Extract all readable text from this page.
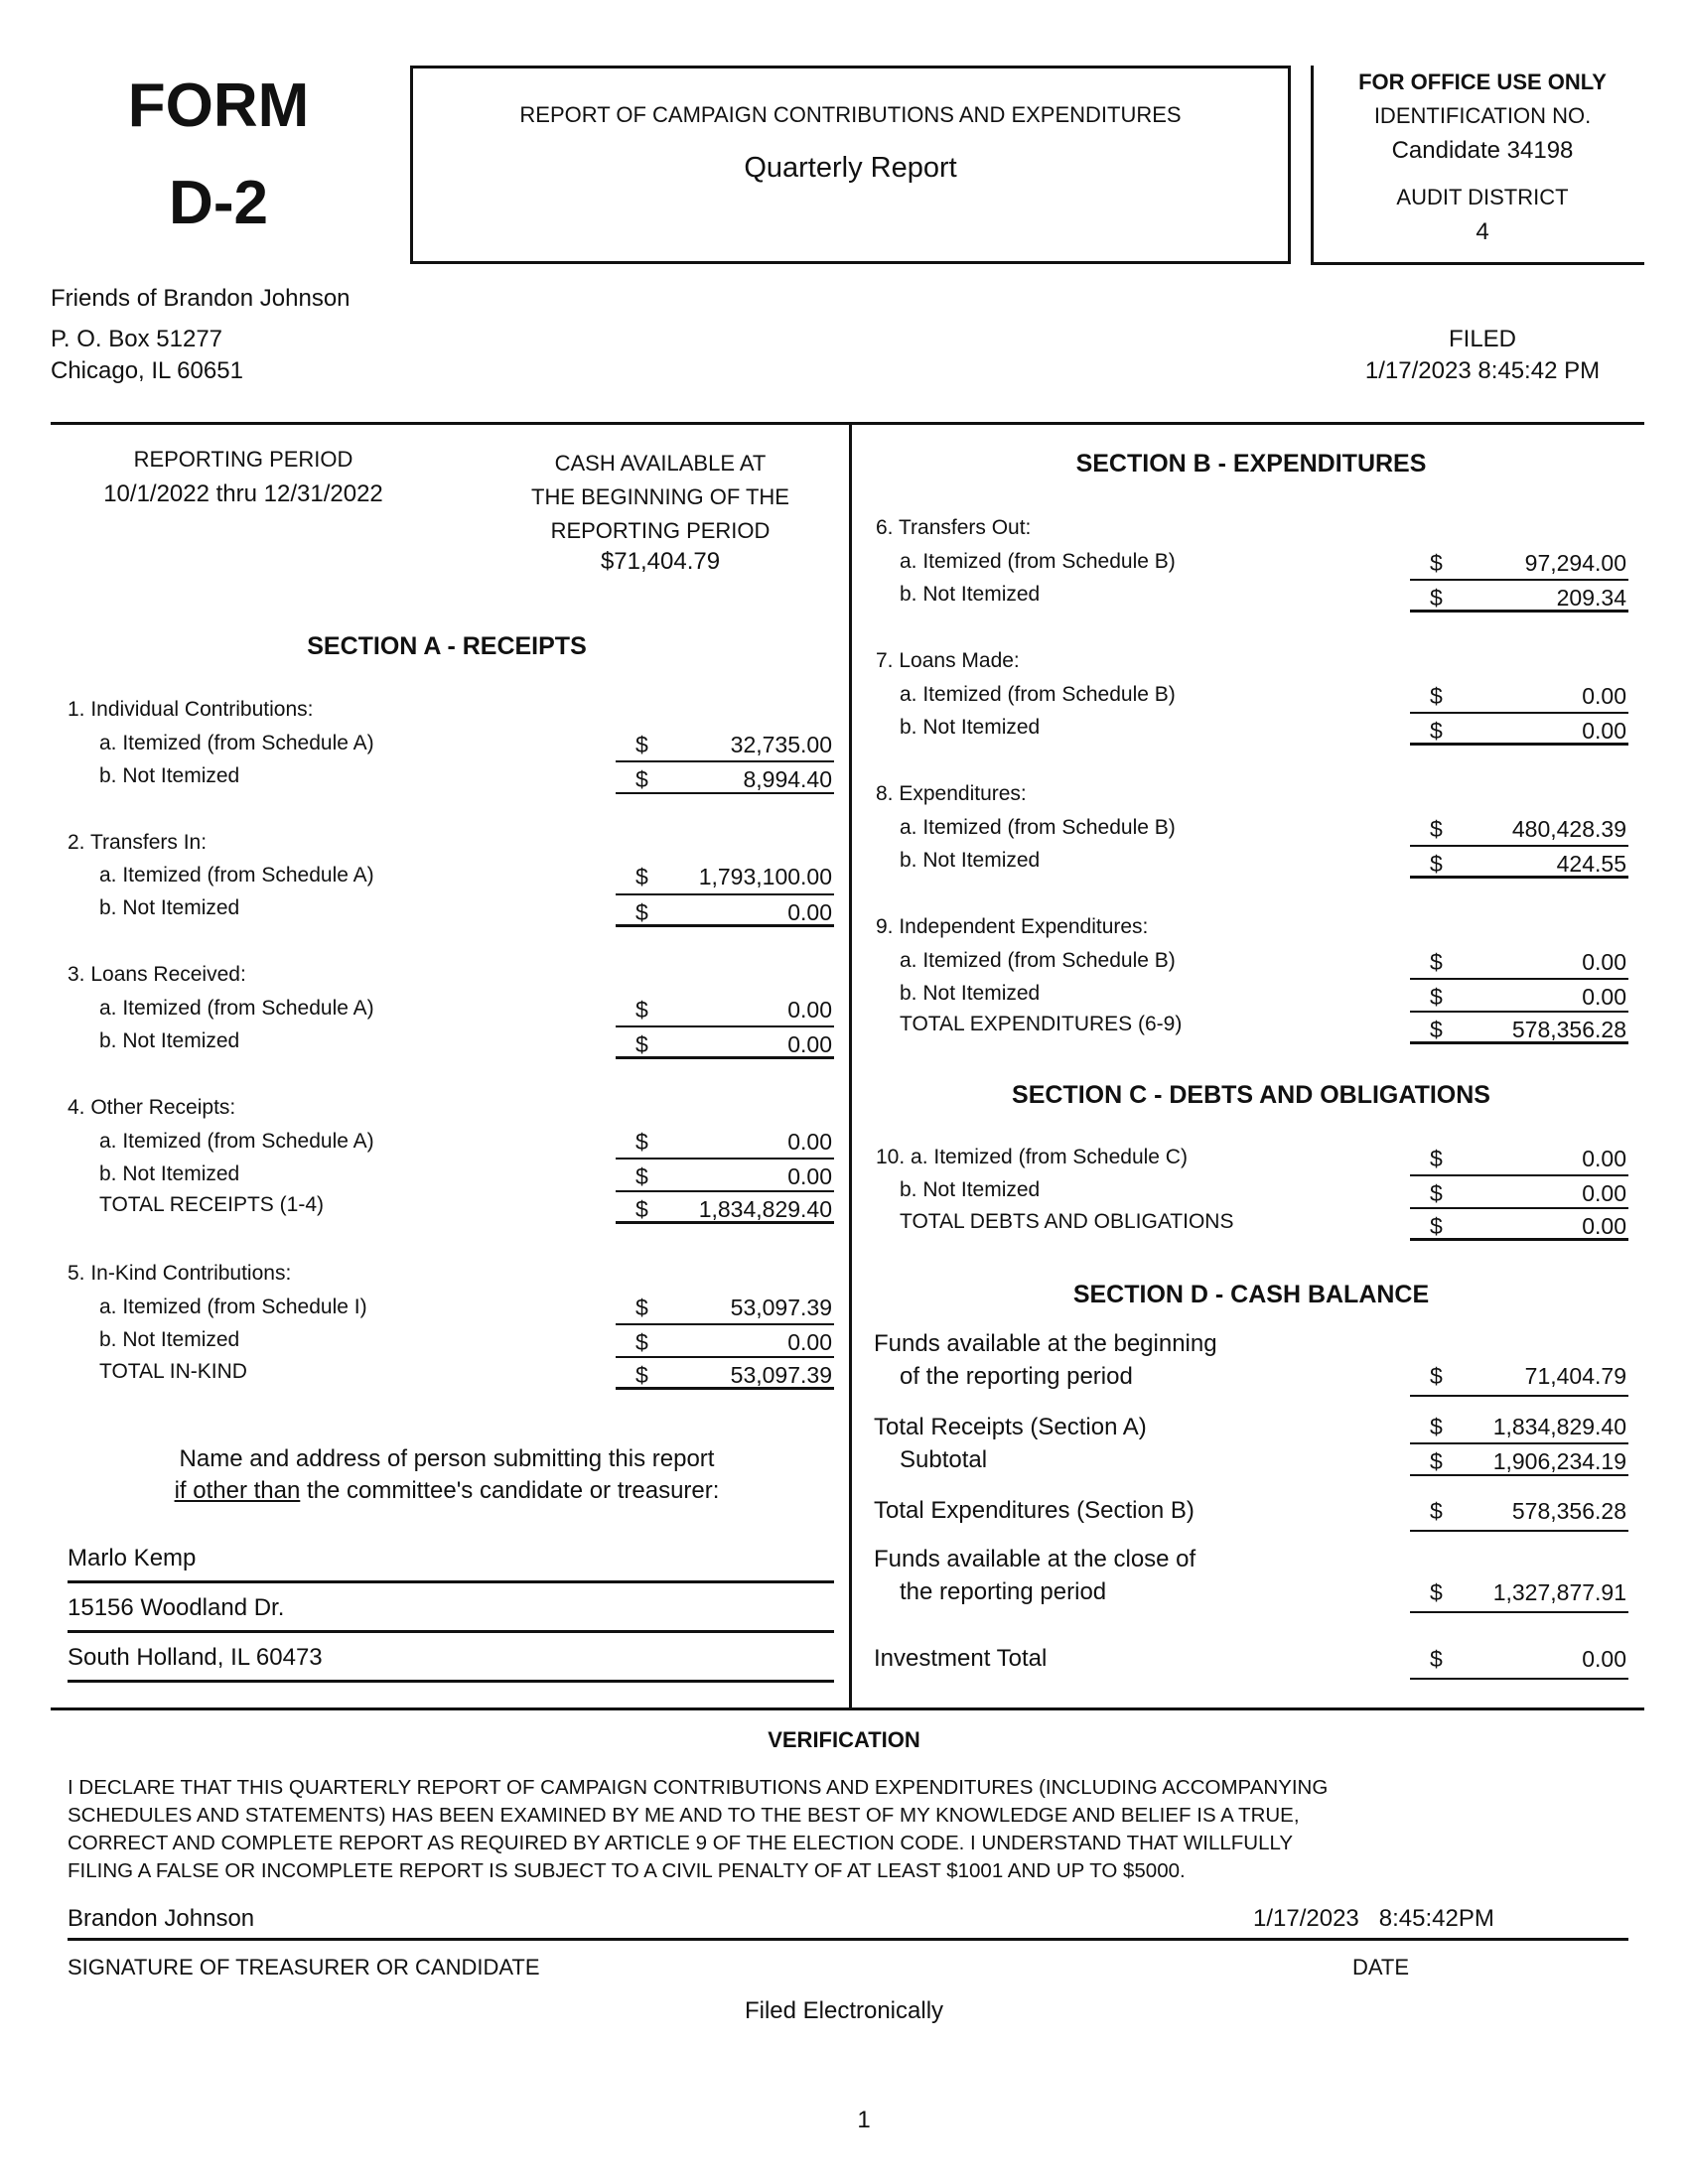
FORM
D-2
REPORT OF CAMPAIGN CONTRIBUTIONS AND EXPENDITURES
Quarterly Report
FOR OFFICE USE ONLY
IDENTIFICATION NO.
Candidate 34198
AUDIT DISTRICT
4
Friends of Brandon Johnson
P. O. Box 51277
Chicago, IL 60651
FILED
1/17/2023 8:45:42 PM
REPORTING PERIOD
10/1/2022 thru 12/31/2022
CASH AVAILABLE AT
THE BEGINNING OF THE
REPORTING PERIOD
$71,404.79
SECTION A - RECEIPTS
1. Individual Contributions:
a. Itemized (from Schedule A)	$	32,735.00
b. Not Itemized	$	8,994.40
2. Transfers In:
a. Itemized (from Schedule A)	$ 1,793,100.00
b. Not Itemized	$	0.00
3. Loans Received:
a. Itemized (from Schedule A)	$	0.00
b. Not Itemized	$	0.00
4. Other Receipts:
a. Itemized (from Schedule A)	$	0.00
b. Not Itemized	$	0.00
TOTAL RECEIPTS (1-4)	$ 1,834,829.40
5. In-Kind Contributions:
a. Itemized (from Schedule I)	$	53,097.39
b. Not Itemized	$	0.00
TOTAL IN-KIND	$	53,097.39
Name and address of person submitting this report
if other than the committee's candidate or treasurer:
Marlo Kemp
15156 Woodland Dr.
South Holland, IL 60473
SECTION B - EXPENDITURES
6. Transfers Out:
a. Itemized (from Schedule B)	$	97,294.00
b. Not Itemized	$	209.34
7. Loans Made:
a. Itemized (from Schedule B)	$	0.00
b. Not Itemized	$	0.00
8. Expenditures:
a. Itemized (from Schedule B)	$	480,428.39
b. Not Itemized	$	424.55
9. Independent Expenditures:
a. Itemized (from Schedule B)	$	0.00
b. Not Itemized	$	0.00
TOTAL EXPENDITURES (6-9)	$	578,356.28
SECTION C - DEBTS AND OBLIGATIONS
10. a. Itemized (from Schedule C)	$	0.00
b. Not Itemized	$	0.00
TOTAL DEBTS AND OBLIGATIONS	$	0.00
SECTION D - CASH BALANCE
Funds available at the beginning
of the reporting period	$	71,404.79
Total Receipts (Section A)	$ 1,834,829.40
Subtotal	$ 1,906,234.19
Total Expenditures (Section B)	$	578,356.28
Funds available at the close of
the reporting period	$ 1,327,877.91
Investment Total	$	0.00
VERIFICATION
I DECLARE THAT THIS QUARTERLY REPORT OF CAMPAIGN CONTRIBUTIONS AND EXPENDITURES (INCLUDING ACCOMPANYING
SCHEDULES AND STATEMENTS) HAS BEEN EXAMINED BY ME AND TO THE BEST OF MY KNOWLEDGE AND BELIEF IS A TRUE,
CORRECT AND COMPLETE REPORT AS REQUIRED BY ARTICLE 9 OF THE ELECTION CODE. I UNDERSTAND THAT WILLFULLY
FILING A FALSE OR INCOMPLETE REPORT IS SUBJECT TO A CIVIL PENALTY OF AT LEAST $1001 AND UP TO $5000.
Brandon Johnson	1/17/2023   8:45:42PM
SIGNATURE OF TREASURER OR CANDIDATE	DATE
Filed Electronically
1
